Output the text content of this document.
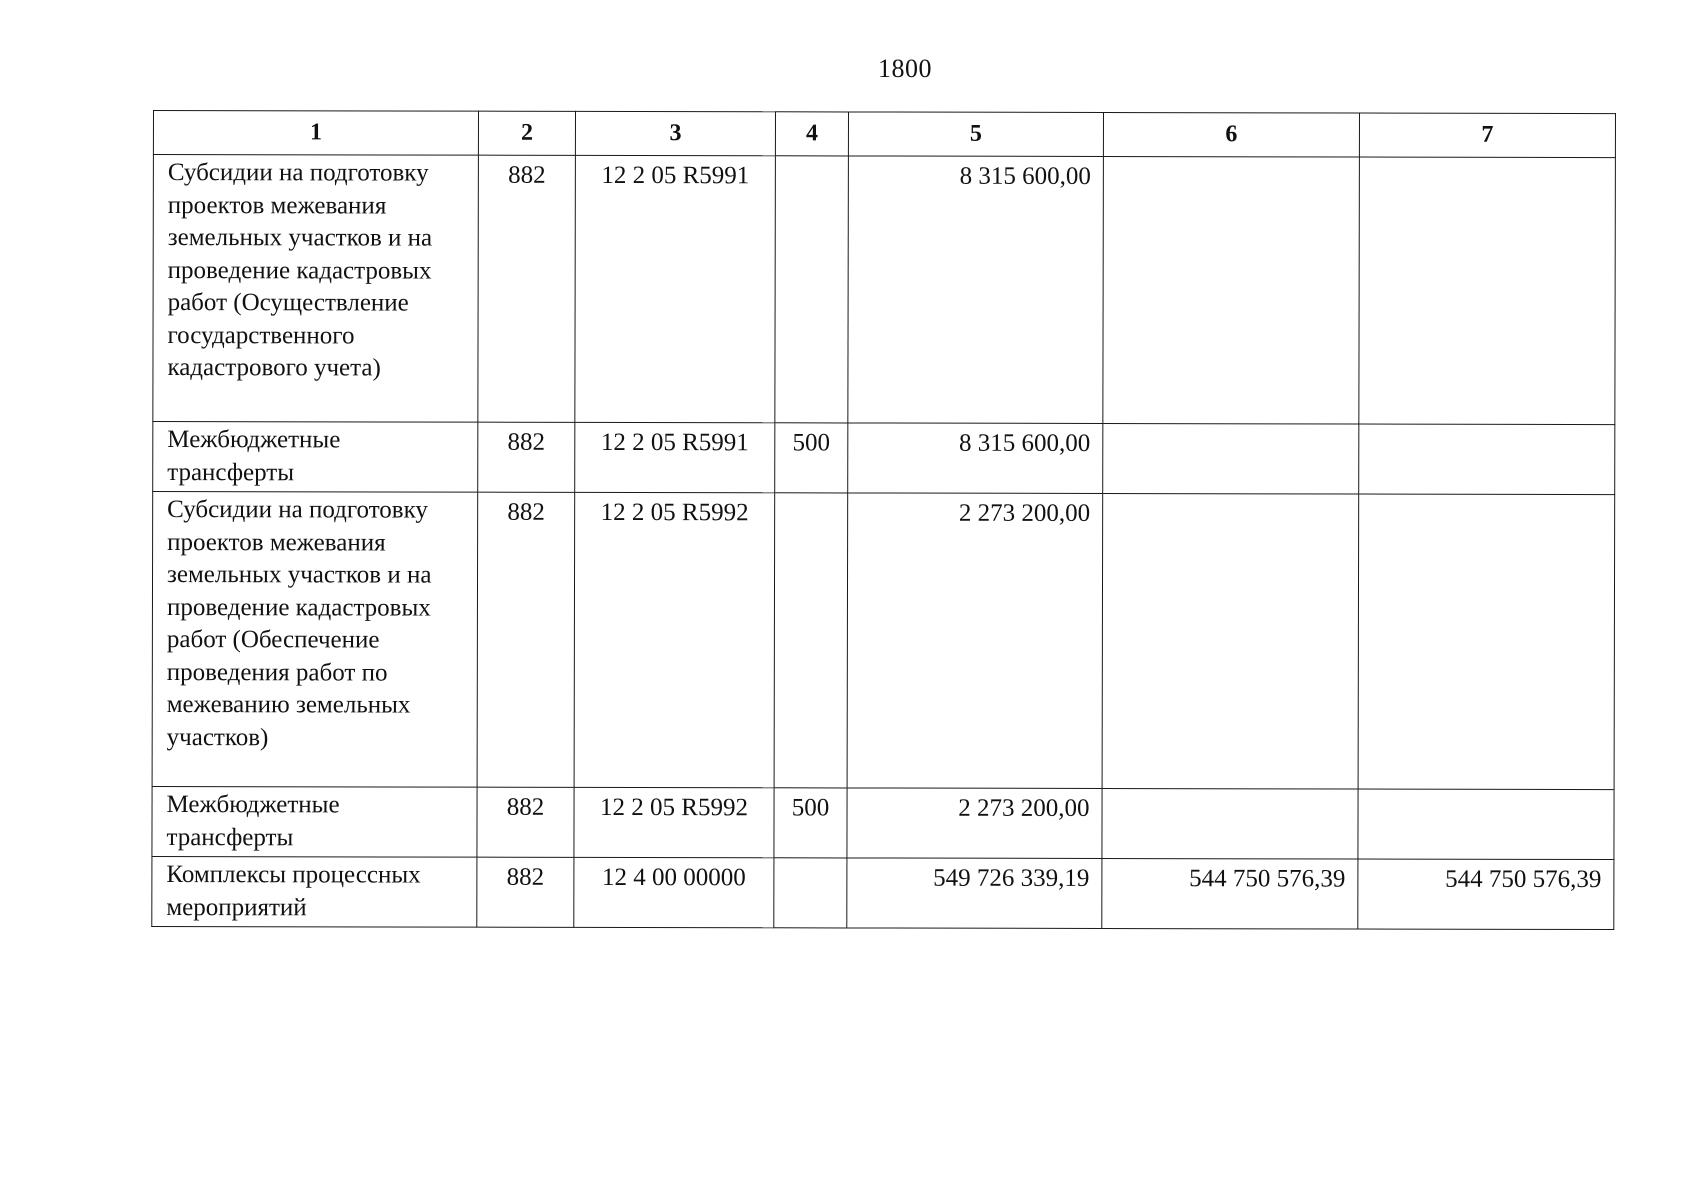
1800
1	2	3	4	5	6	7
Субсидии на подготовку проектов межевания земельных участков и на проведение кадастровых работ (Осуществление государственного кадастрового учета)	882	12 2 05 R5991		8 315 600,00		
Межбюджетные трансферты	882	12 2 05 R5991	500	8 315 600,00		
Субсидии на подготовку проектов межевания земельных участков и на проведение кадастровых работ (Обеспечение проведения работ по межеванию земельных участков)	882	12 2 05 R5992		2 273 200,00		
Межбюджетные трансферты	882	12 2 05 R5992	500	2 273 200,00		
Комплексы процессных мероприятий	882	12 4 00 00000		549 726 339,19	544 750 576,39	544 750 576,39
